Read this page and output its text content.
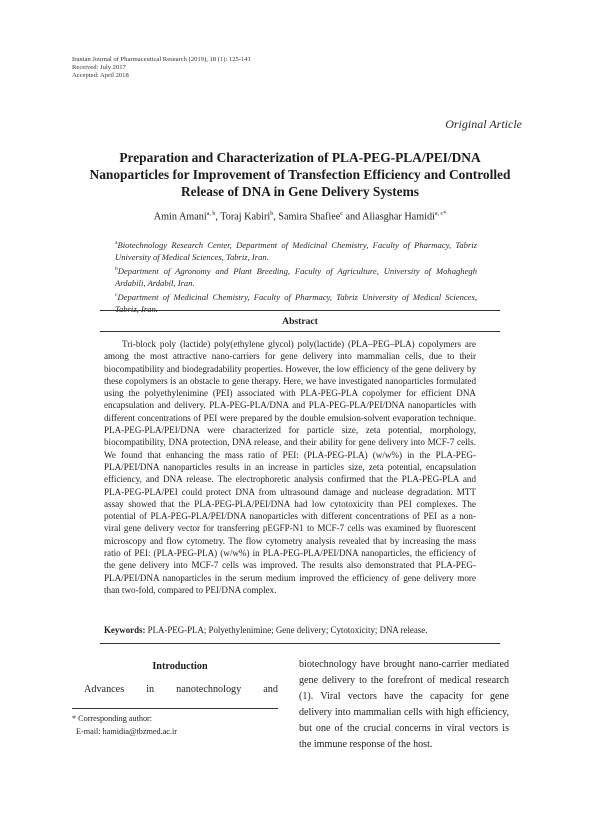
Iranian Journal of Pharmaceutical Research (2019), 18 (1): 125-141
Received: July 2017
Accepted: April 2018
Original Article
Preparation and Characterization of PLA-PEG-PLA/PEI/DNA Nanoparticles for Improvement of Transfection Efficiency and Controlled Release of DNA in Gene Delivery Systems
Amin Amani$^{a, b}$, Toraj Kabiri$^b$, Samira Shafiee$^c$ and Aliasghar Hamidi$^{a, c*}$

$^a$Biotechnology Research Center, Department of Medicinal Chemistry, Faculty of Pharmacy, Tabriz University of Medical Sciences, Tabriz, Iran.

$^b$Department of Agronomy and Plant Breeding, Faculty of Agriculture, University of Mohaghegh Ardabili, Ardabil, Iran.

$^c$Department of Medicinal Chemistry, Faculty of Pharmacy, Tabriz University of Medical Sciences, Tabriz, Iran.

Abstract
Tri-block poly (lactide) poly(ethylene glycol) poly(lactide) (PLA–PEG–PLA) copolymers are among the most attractive nano-carriers for gene delivery into mammalian cells, due to their biocompatibility and biodegradability properties. However, the low efficiency of the gene delivery by these copolymers is an obstacle to gene therapy. Here, we have investigated nanoparticles formulated using the polyethylenimine (PEI) associated with PLA-PEG-PLA copolymer for efficient DNA encapsulation and delivery. PLA-PEG-PLA/DNA and PLA-PEG-PLA/PEI/DNA nanoparticles with different concentrations of PEI were prepared by the double emulsion-solvent evaporation technique. PLA-PEG-PLA/PEI/DNA were characterized for particle size, zeta potential, morphology, biocompatibility, DNA protection, DNA release, and their ability for gene delivery into MCF-7 cells. We found that enhancing the mass ratio of PEI: (PLA-PEG-PLA) (w/w%) in the PLA-PEG-PLA/PEI/DNA nanoparticles results in an increase in particles size, zeta potential, encapsulation efficiency, and DNA release. The electrophoretic analysis confirmed that the PLA-PEG-PLA and PLA-PEG-PLA/PEI could protect DNA from ultrasound damage and nuclease degradation. MTT assay showed that the PLA-PEG-PLA/PEI/DNA had low cytotoxicity than PEI complexes. The potential of PLA-PEG-PLA/PEI/DNA nanoparticles with different concentrations of PEI as a non-viral gene delivery vector for transferring pEGFP-N1 to MCF-7 cells was examined by fluorescent microscopy and flow cytometry. The flow cytometry analysis revealed that by increasing the mass ratio of PEI: (PLA-PEG-PLA) (w/w%) in PLA-PEG-PLA/PEI/DNA nanoparticles, the efficiency of the gene delivery into MCF-7 cells was improved. The results also demonstrated that PLA-PEG-PLA/PEI/DNA nanoparticles in the serum medium improved the efficiency of gene delivery more than two-fold, compared to PEI/DNA complex.
Keywords: PLA-PEG-PLA; Polyethylenimine; Gene delivery; Cytotoxicity; DNA release.
Introduction
Advances in nanotechnology and
* Corresponding author:
E-mail: hamidia@tbzmed.ac.ir
biotechnology have brought nano-carrier mediated gene delivery to the forefront of medical research (1). Viral vectors have the capacity for gene delivery into mammalian cells with high efficiency, but one of the crucial concerns in viral vectors is the immune response of the host.
